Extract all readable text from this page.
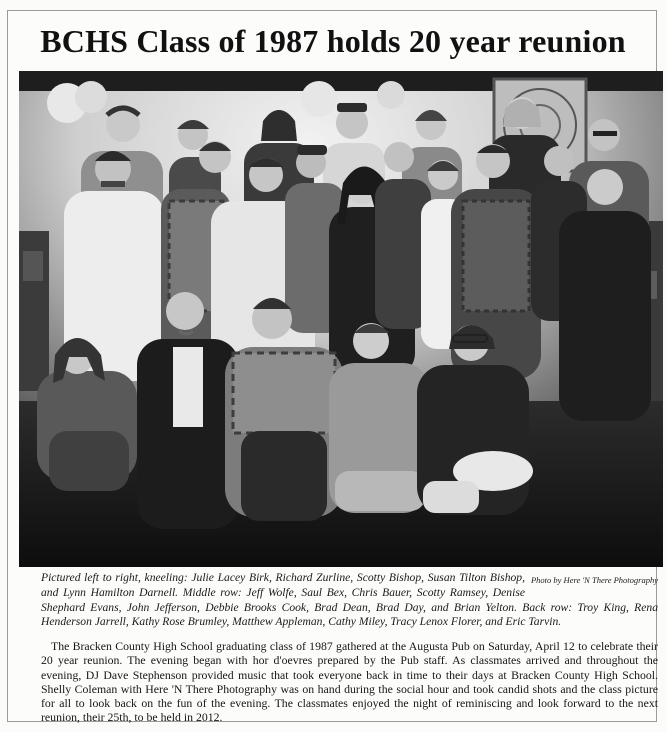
BCHS Class of 1987 holds 20 year reunion
Photo by Here 'N There Photography
Pictured left to right, kneeling: Julie Lacey Birk, Richard Zurline, Scotty Bishop, Susan Tilton Bishop, and Lynn Hamilton Darnell. Middle row: Jeff Wolfe, Saul Bex, Chris Bauer, Scotty Ramsey, Denise Shephard Evans, John Jefferson, Debbie Brooks Cook, Brad Dean, Brad Day, and Brian Yelton. Back row: Troy King, Rena Henderson Jarrell, Kathy Rose Brumley, Matthew Appleman, Cathy Miley, Tracy Lenox Florer, and Eric Tarvin.
The Bracken County High School graduating class of 1987 gathered at the Augusta Pub on Saturday, April 12 to celebrate their 20 year reunion. The evening began with hor d'oevres prepared by the Pub staff. As classmates arrived and throughout the evening, DJ Dave Stephenson provided music that took everyone back in time to their days at Bracken County High School. Shelly Coleman with Here 'N There Photography was on hand during the social hour and took candid shots and the class picture for all to look back on the fun of the evening. The classmates enjoyed the night of reminiscing and look forward to the next reunion, their 25th, to be held in 2012.
